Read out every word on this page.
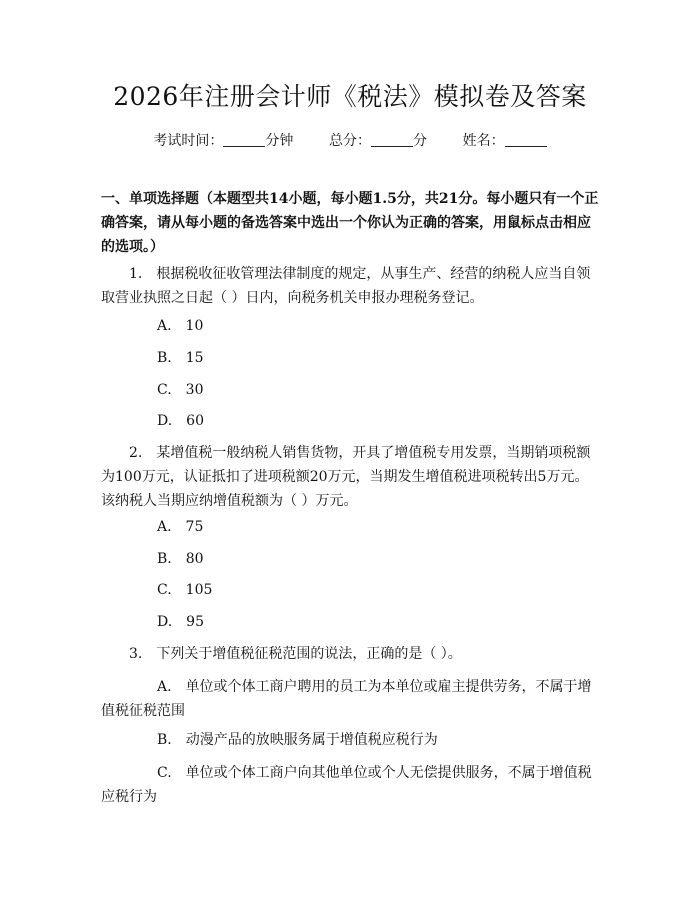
2026年注册会计师《税法》模拟卷及答案
考试时间：	分钟	总分：	分	姓名：
一、单项选择题（本题型共14小题，每小题1.5分，共21分。每小题只有一个正确答案，请从每小题的备选答案中选出一个你认为正确的答案，用鼠标点击相应的选项。）
1.　根据税收征收管理法律制度的规定，从事生产、经营的纳税人应当自领取营业执照之日起（ ）日内，向税务机关申报办理税务登记。
A.　10
B.　15
C.　30
D.　60
2.　某增值税一般纳税人销售货物，开具了增值税专用发票，当期销项税额为100万元，认证抵扣了进项税额20万元，当期发生增值税进项税转出5万元。该纳税人当期应纳增值税额为（ ）万元。
A.　75
B.　80
C.　105
D.　95
3.　下列关于增值税征税范围的说法，正确的是（ ）。
A.　单位或个体工商户聘用的员工为本单位或雇主提供劳务，不属于增值税征税范围
B.　动漫产品的放映服务属于增值税应税行为
C.　单位或个体工商户向其他单位或个人无偿提供服务，不属于增值税应税行为
